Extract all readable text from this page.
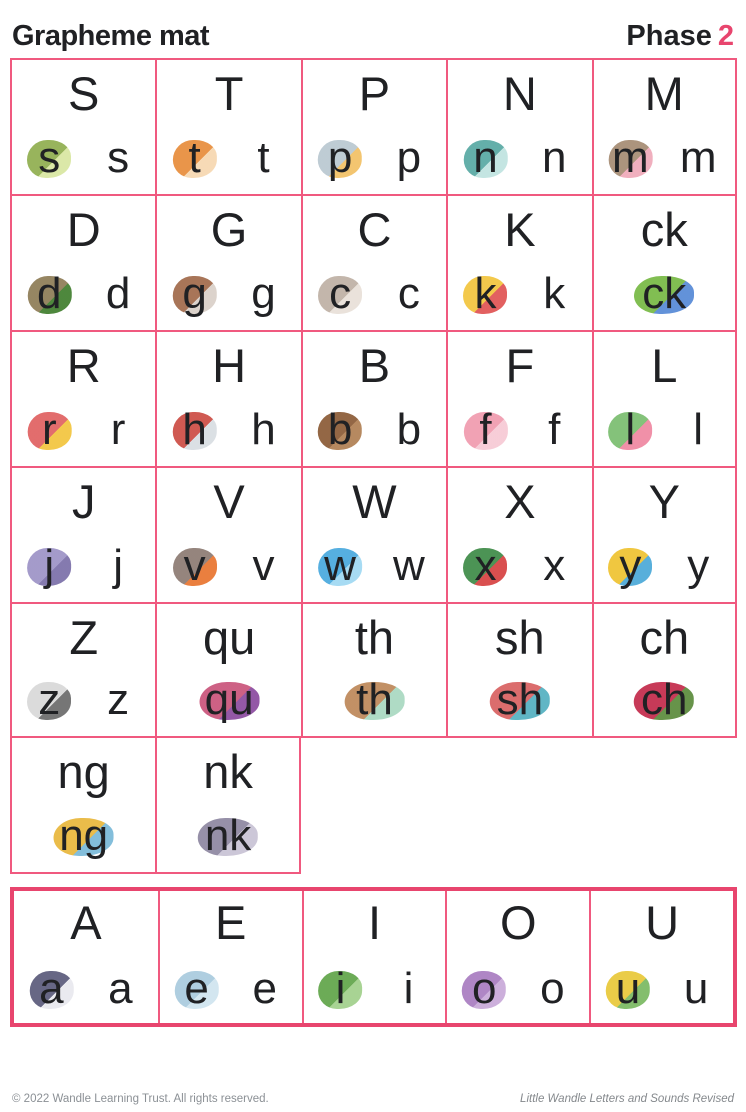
Grapheme mat	Phase 2
S
s s
T
t t
P
p p
N
n n
M
m m
D
d d
G
g g
C
c c
K
k k
ck
ck
R
r r
H
h h
B
b b
F
f f
L
l l
J
j j
V
v v
W
w w
X
x x
Y
y y
Z
z z
qu
qu
th
th
sh
sh
ch
ch
ng
ng
nk
nk
A
a a
E
e e
I
i i
O
o o
U
u u
© 2022 Wandle Learning Trust. All rights reserved.	Little Wandle Letters and Sounds Revised
